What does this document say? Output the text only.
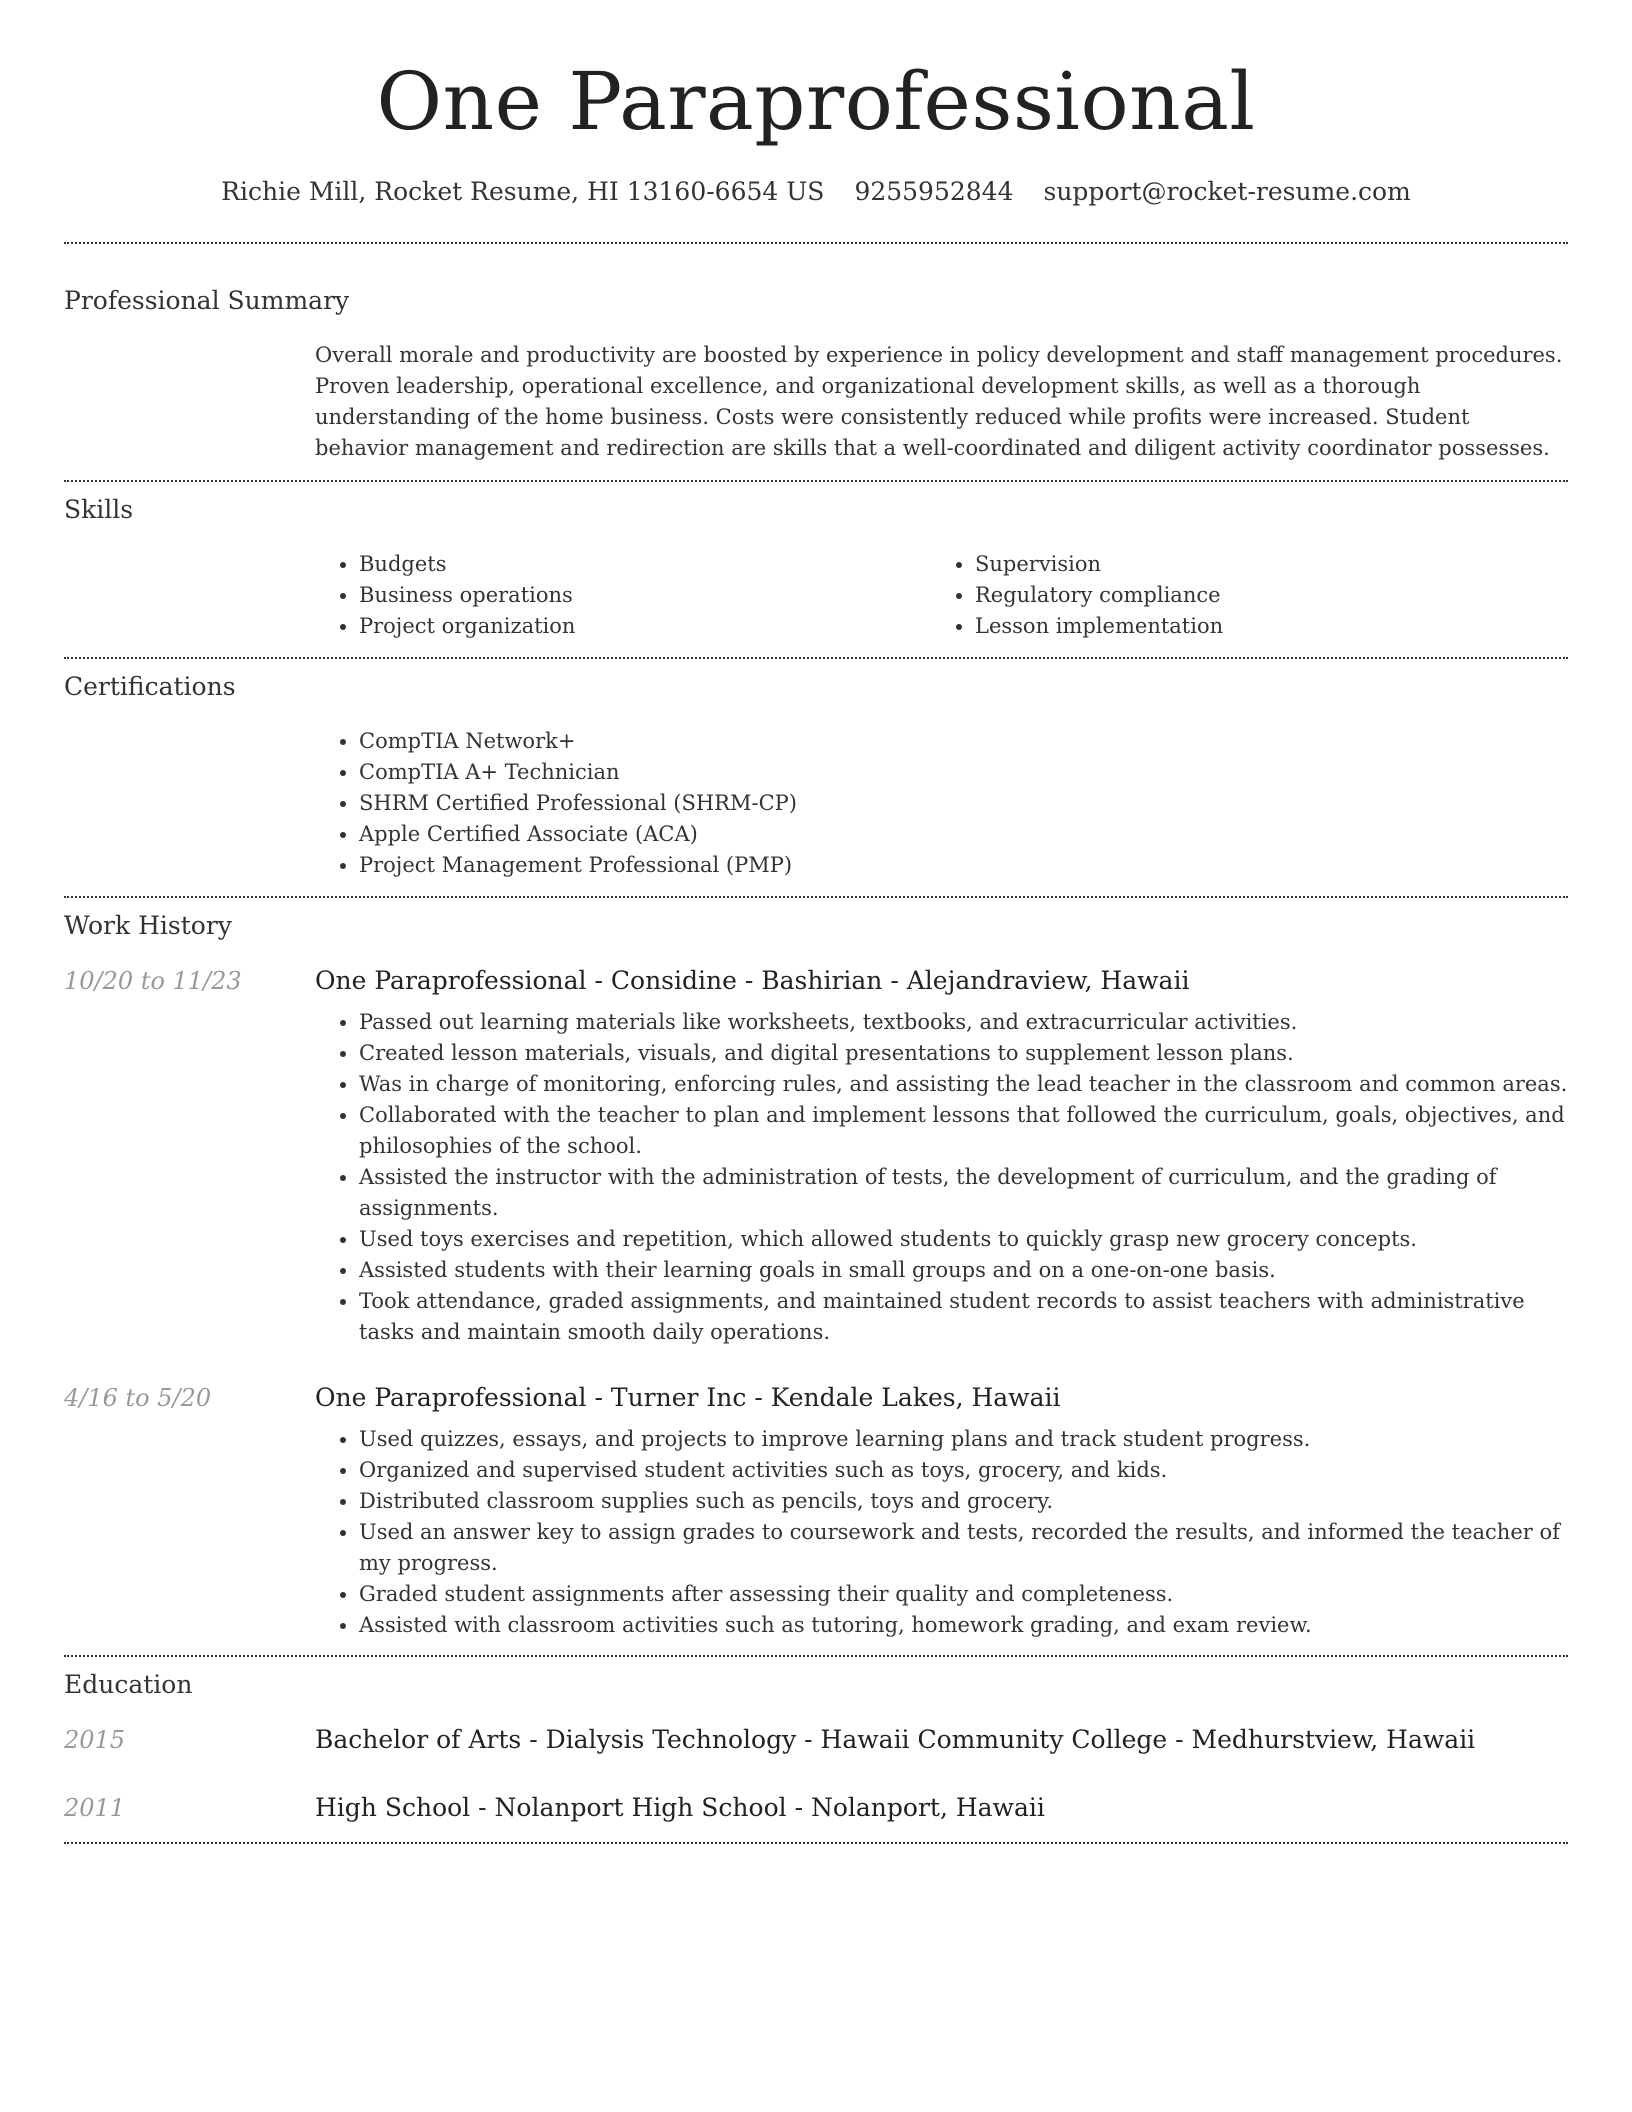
One Paraprofessional
Richie Mill, Rocket Resume, HI 13160-6654 US 9255952844 support@rocket-resume.com
Professional Summary
Overall morale and productivity are boosted by experience in policy development and staff management procedures. Proven leadership, operational excellence, and organizational development skills, as well as a thorough understanding of the home business. Costs were consistently reduced while profits were increased. Student behavior management and redirection are skills that a well-coordinated and diligent activity coordinator possesses.
Skills
• Budgets
• Business operations
• Project organization
• Supervision
• Regulatory compliance
• Lesson implementation
Certifications
• CompTIA Network+
• CompTIA A+ Technician
• SHRM Certified Professional (SHRM-CP)
• Apple Certified Associate (ACA)
• Project Management Professional (PMP)
Work History
10/20 to 11/23	One Paraprofessional - Considine - Bashirian - Alejandraview, Hawaii
• Passed out learning materials like worksheets, textbooks, and extracurricular activities.
• Created lesson materials, visuals, and digital presentations to supplement lesson plans.
• Was in charge of monitoring, enforcing rules, and assisting the lead teacher in the classroom and common areas.
• Collaborated with the teacher to plan and implement lessons that followed the curriculum, goals, objectives, and philosophies of the school.
• Assisted the instructor with the administration of tests, the development of curriculum, and the grading of assignments.
• Used toys exercises and repetition, which allowed students to quickly grasp new grocery concepts.
• Assisted students with their learning goals in small groups and on a one-on-one basis.
• Took attendance, graded assignments, and maintained student records to assist teachers with administrative tasks and maintain smooth daily operations.
4/16 to 5/20	One Paraprofessional - Turner Inc - Kendale Lakes, Hawaii
• Used quizzes, essays, and projects to improve learning plans and track student progress.
• Organized and supervised student activities such as toys, grocery, and kids.
• Distributed classroom supplies such as pencils, toys and grocery.
• Used an answer key to assign grades to coursework and tests, recorded the results, and informed the teacher of my progress.
• Graded student assignments after assessing their quality and completeness.
• Assisted with classroom activities such as tutoring, homework grading, and exam review.
Education
2015	Bachelor of Arts - Dialysis Technology - Hawaii Community College - Medhurstview, Hawaii
2011	High School - Nolanport High School - Nolanport, Hawaii
